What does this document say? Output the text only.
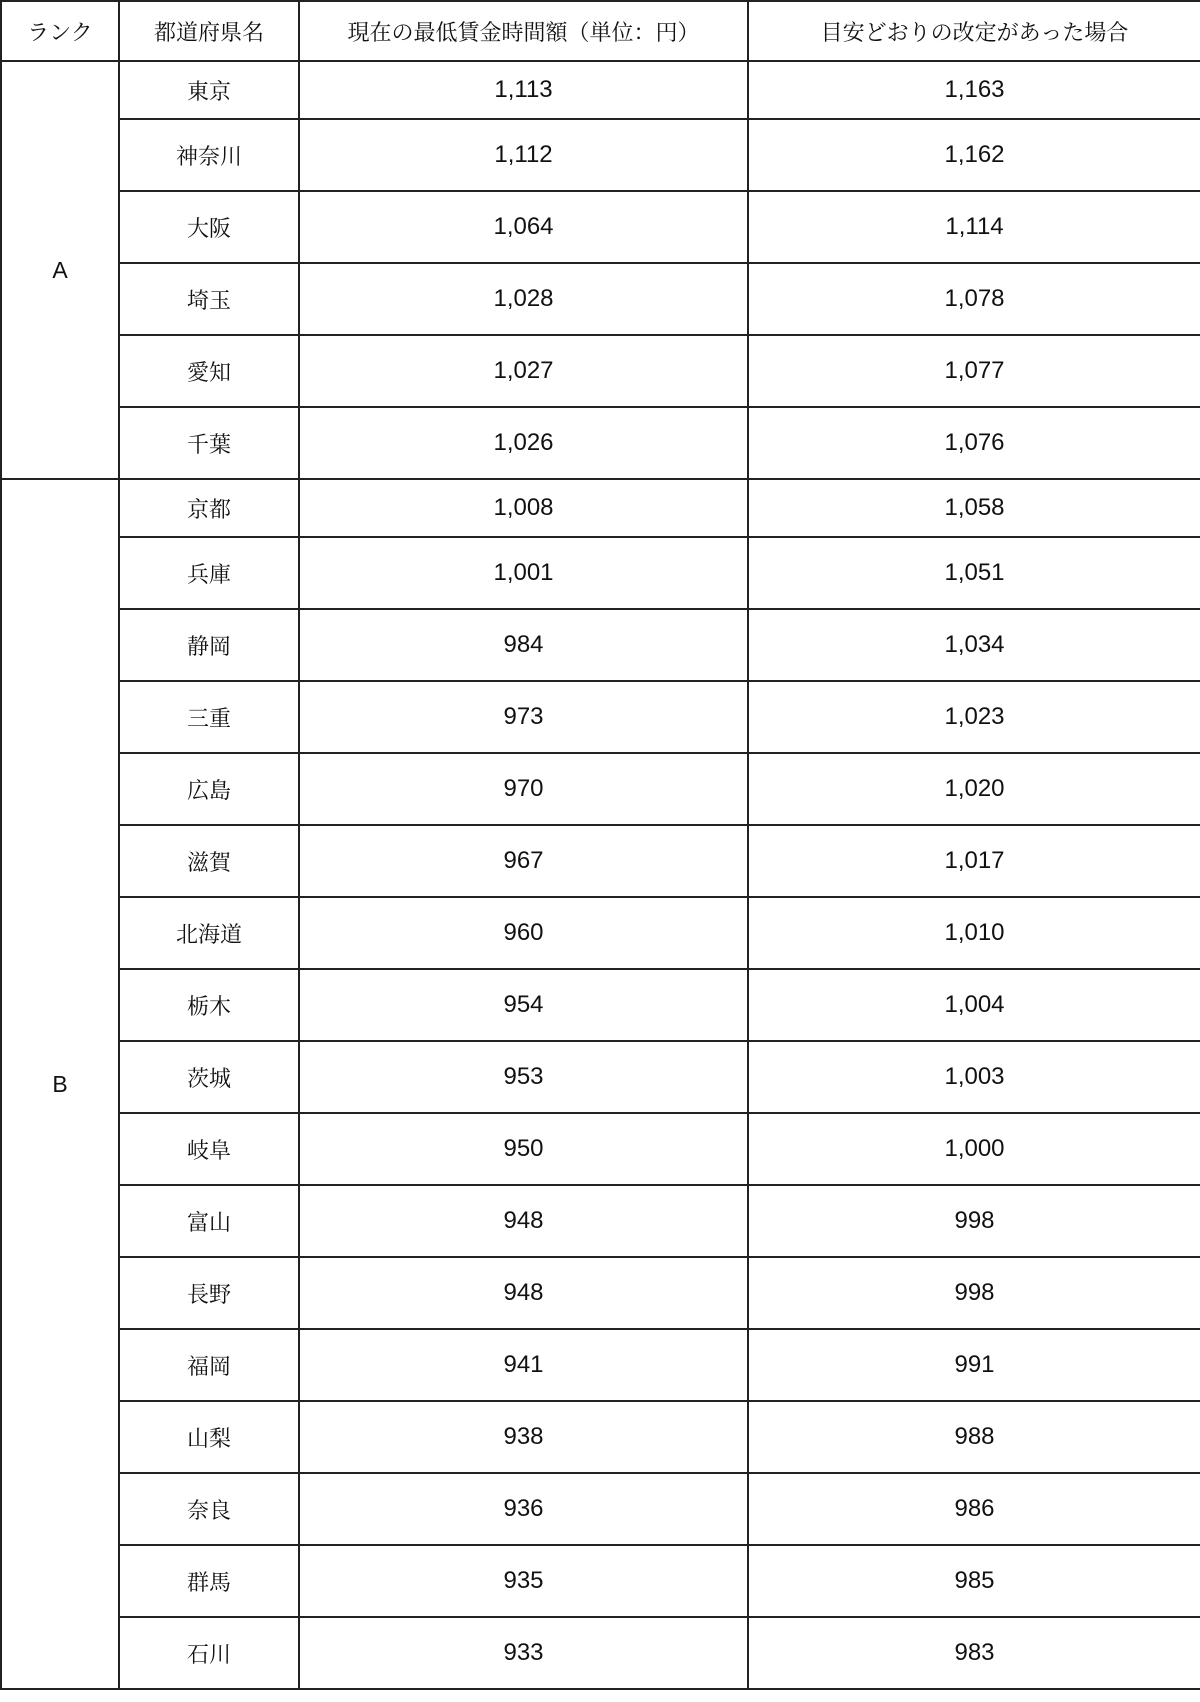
ランク	都道府県名	現在の最低賃金時間額（単位：円）	目安どおりの改定があった場合
A	東京	1,113	1,163
	神奈川	1,112	1,162
	大阪	1,064	1,114
	埼玉	1,028	1,078
	愛知	1,027	1,077
	千葉	1,026	1,076
B	京都	1,008	1,058
	兵庫	1,001	1,051
	静岡	984	1,034
	三重	973	1,023
	広島	970	1,020
	滋賀	967	1,017
	北海道	960	1,010
	栃木	954	1,004
	茨城	953	1,003
	岐阜	950	1,000
	富山	948	998
	長野	948	998
	福岡	941	991
	山梨	938	988
	奈良	936	986
	群馬	935	985
	石川	933	983
